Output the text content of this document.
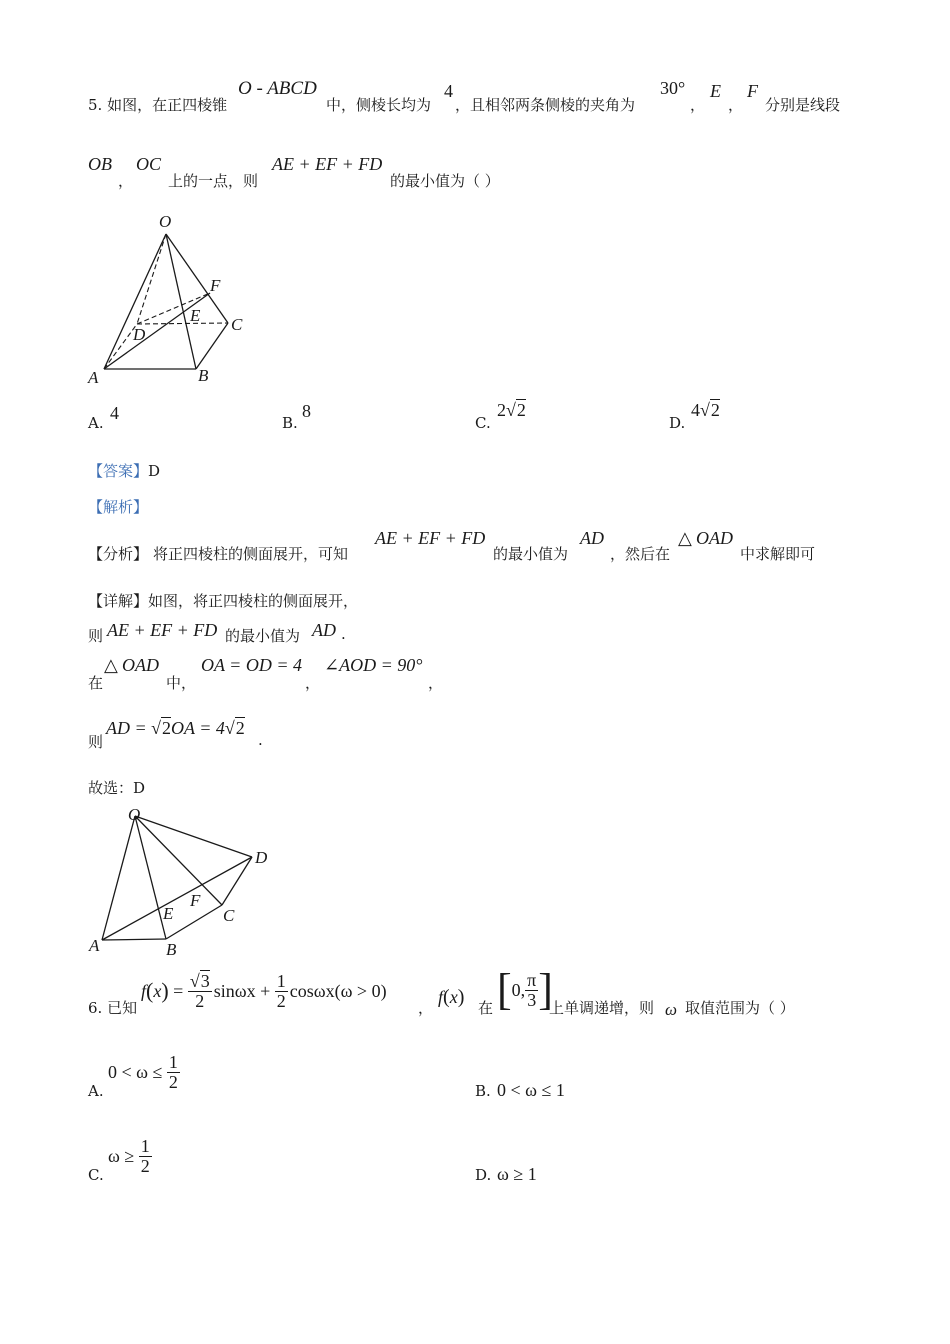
5. 如图，在正四棱锥
O - ABCD
中，侧棱长均为
4
，且相邻两条侧棱的夹角为
30°
，
E
，
F
分别是线段
OB
，
OC
上的一点，则
AE + EF + FD
的最小值为（ ）
O
F
E C
D
A	B
A. 4	B.
8
C.
2√2
D.
4√2
【答案】D
【解析】
【分析】 将正四棱柱的侧面展开，可知
AE + EF + FD
的最小值为
AD
，然后在
△ OAD
中求解即可
【详解】如图，将正四棱柱的侧面展开，
则 AE + EF + FD 的最小值为 AD .
在
△ OAD
中，
OA = OD = 4
，
∠AOD = 90°
，
则
AD = √2OA = 4√2
.
故选：D
O
D
F
E	C
A	B
6. 已知
f ( x ) = $\frac{√3}{2}$ $\sin\omega x + \frac{1}{2}$ cosωx (ω > 0)
，
f(x) 在 [ 0, $\frac{\pi}{3}$ ]
上单调递增，则 ω 取值范围为（ ）
A.
$0 < \omega \le \frac{1}{2}$	B. 0 < ω ≤ 1
C.
$\omega \ge \frac{1}{2}$	D. ω ≥ 1
